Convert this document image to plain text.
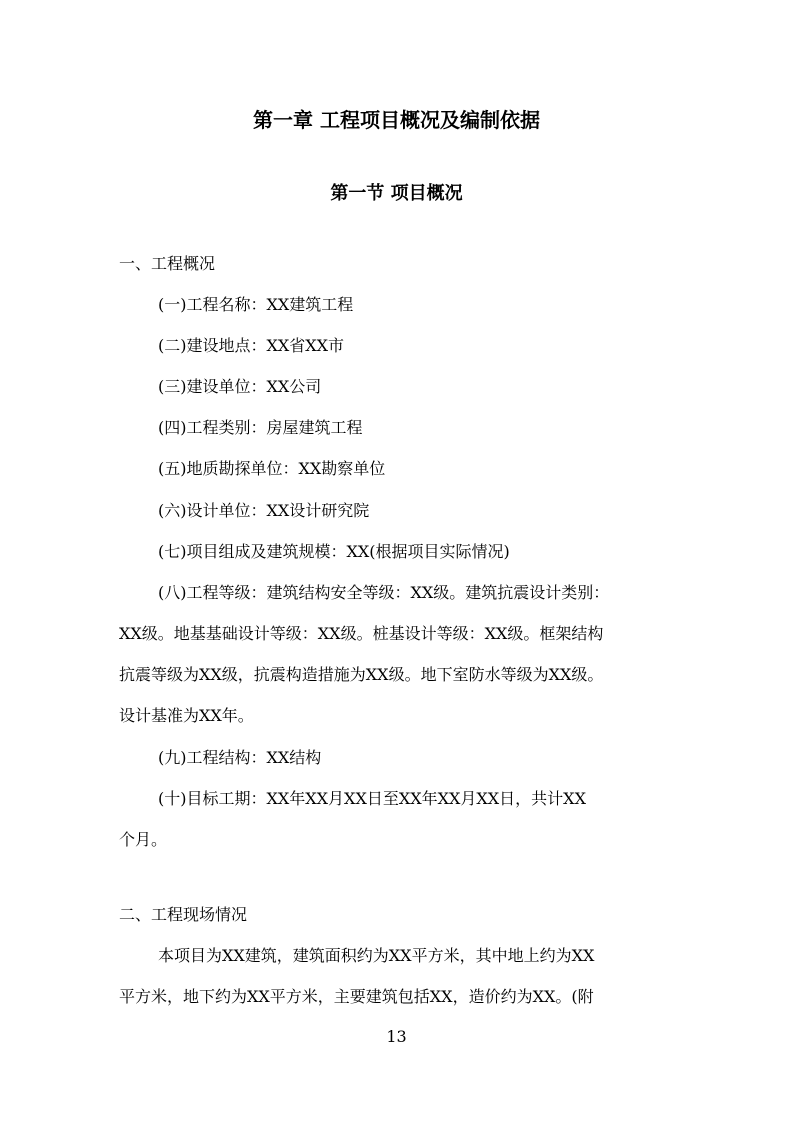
第一章 工程项目概况及编制依据
第一节 项目概况
一、工程概况
(一)工程名称：XX建筑工程
(二)建设地点：XX省XX市
(三)建设单位：XX公司
(四)工程类别：房屋建筑工程
(五)地质勘探单位：XX勘察单位
(六)设计单位：XX设计研究院
(七)项目组成及建筑规模：XX(根据项目实际情况)
(八)工程等级：建筑结构安全等级：XX级。建筑抗震设计类别：
XX级。地基基础设计等级：XX级。桩基设计等级：XX级。框架结构
抗震等级为XX级，抗震构造措施为XX级。地下室防水等级为XX级。
设计基准为XX年。
(九)工程结构：XX结构
(十)目标工期：XX年XX月XX日至XX年XX月XX日，共计XX
个月。
二、工程现场情况
本项目为XX建筑，建筑面积约为XX平方米，其中地上约为XX
平方米，地下约为XX平方米，主要建筑包括XX，造价约为XX。(附
13
